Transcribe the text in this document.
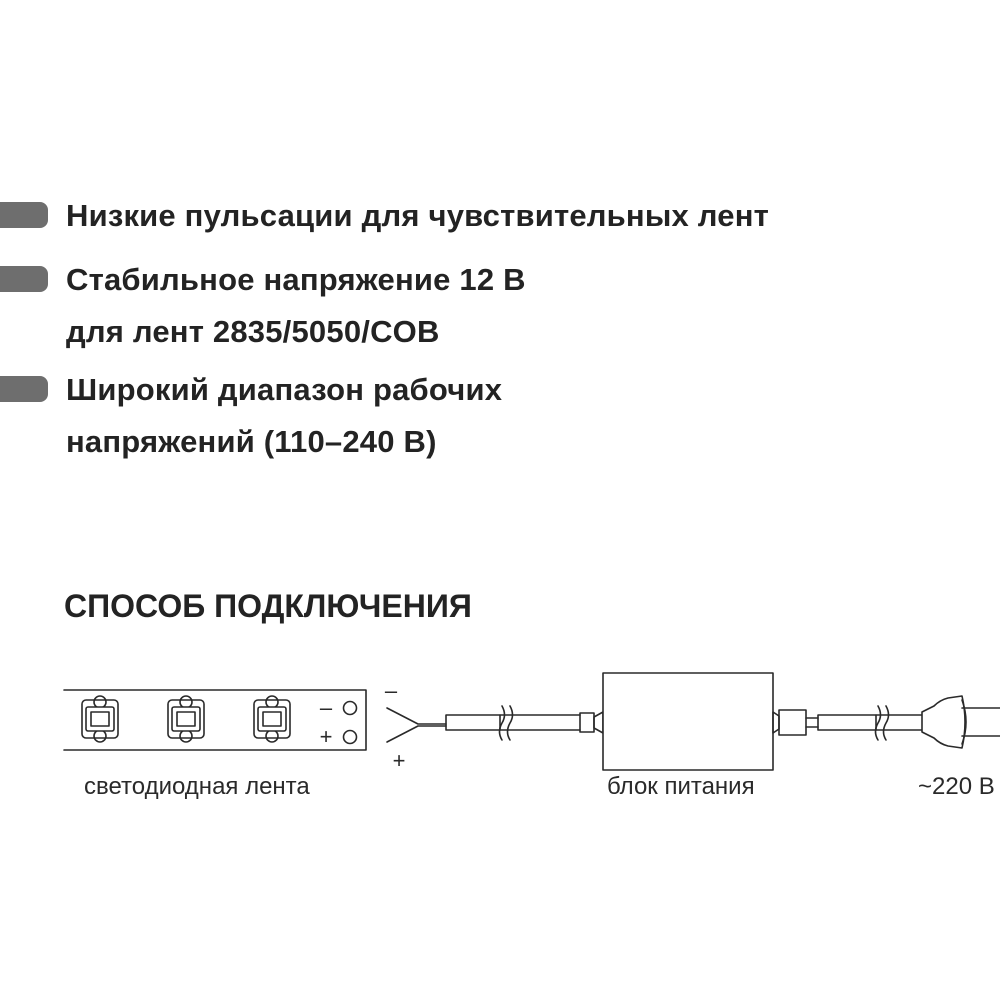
Низкие пульсации для чувствительных лент
Стабильное напряжение 12 В
для лент 2835/5050/COB
Широкий диапазон рабочих
напряжений (110–240 В)
СПОСОБ ПОДКЛЮЧЕНИЯ
–
+
–
+
светодиодная лента	блок питания	~220 В
